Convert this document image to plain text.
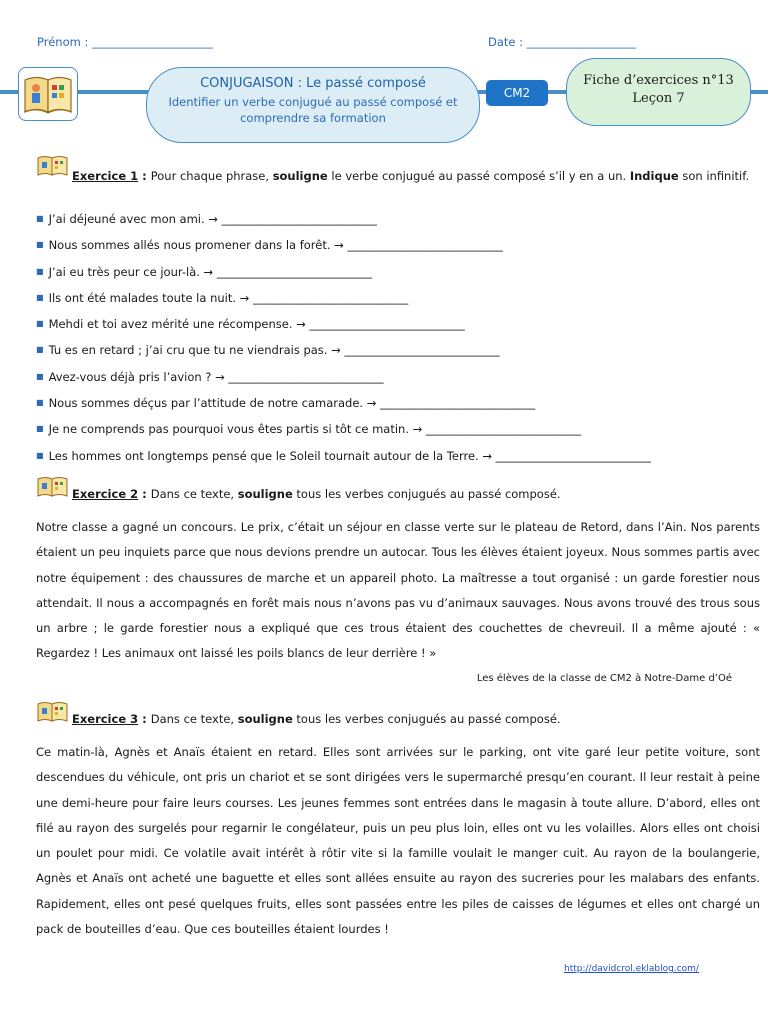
Prénom : _____________________	Date : ___________________
CONJUGAISON : Le passé composé
Identifier un verbe conjugué au passé composé et comprendre sa formation
CM2
Fiche d’exercices n°13
Leçon 7
Exercice 1 : Pour chaque phrase, souligne le verbe conjugué au passé composé s’il y en a un. Indique son infinitif.
■ J’ai déjeuné avec mon ami. → ___________________________
■ Nous sommes allés nous promener dans la forêt. → ___________________________
■ J’ai eu très peur ce jour-là. → ___________________________
■ Ils ont été malades toute la nuit. → ___________________________
■ Mehdi et toi avez mérité une récompense. → ___________________________
■ Tu es en retard ; j’ai cru que tu ne viendrais pas. → ___________________________
■ Avez-vous déjà pris l’avion ? → ___________________________
■ Nous sommes déçus par l’attitude de notre camarade. → ___________________________
■ Je ne comprends pas pourquoi vous êtes partis si tôt ce matin. → ___________________________
■ Les hommes ont longtemps pensé que le Soleil tournait autour de la Terre. → ___________________________
Exercice 2 : Dans ce texte, souligne tous les verbes conjugués au passé composé.
Notre classe a gagné un concours. Le prix, c’était un séjour en classe verte sur le plateau de Retord, dans l’Ain. Nos parents étaient un peu inquiets parce que nous devions prendre un autocar. Tous les élèves étaient joyeux. Nous sommes partis avec notre équipement : des chaussures de marche et un appareil photo. La maîtresse a tout organisé : un garde forestier nous attendait. Il nous a accompagnés en forêt mais nous n’avons pas vu d’animaux sauvages. Nous avons trouvé des trous sous un arbre ; le garde forestier nous a expliqué que ces trous étaient des couchettes de chevreuil. Il a même ajouté : « Regardez ! Les animaux ont laissé les poils blancs de leur derrière ! »
Les élèves de la classe de CM2 à Notre-Dame d’Oé
Exercice 3 : Dans ce texte, souligne tous les verbes conjugués au passé composé.
Ce matin-là, Agnès et Anaïs étaient en retard. Elles sont arrivées sur le parking, ont vite garé leur petite voiture, sont descendues du véhicule, ont pris un chariot et se sont dirigées vers le supermarché presqu’en courant. Il leur restait à peine une demi-heure pour faire leurs courses. Les jeunes femmes sont entrées dans le magasin à toute allure. D’abord, elles ont filé au rayon des surgelés pour regarnir le congélateur, puis un peu plus loin, elles ont vu les volailles. Alors elles ont choisi un poulet pour midi. Ce volatile avait intérêt à rôtir vite si la famille voulait le manger cuit. Au rayon de la boulangerie, Agnès et Anaïs ont acheté une baguette et elles sont allées ensuite au rayon des sucreries pour les malabars des enfants. Rapidement, elles ont pesé quelques fruits, elles sont passées entre les piles de caisses de légumes et elles ont chargé un pack de bouteilles d’eau. Que ces bouteilles étaient lourdes !
http://davidcrol.eklablog.com/
